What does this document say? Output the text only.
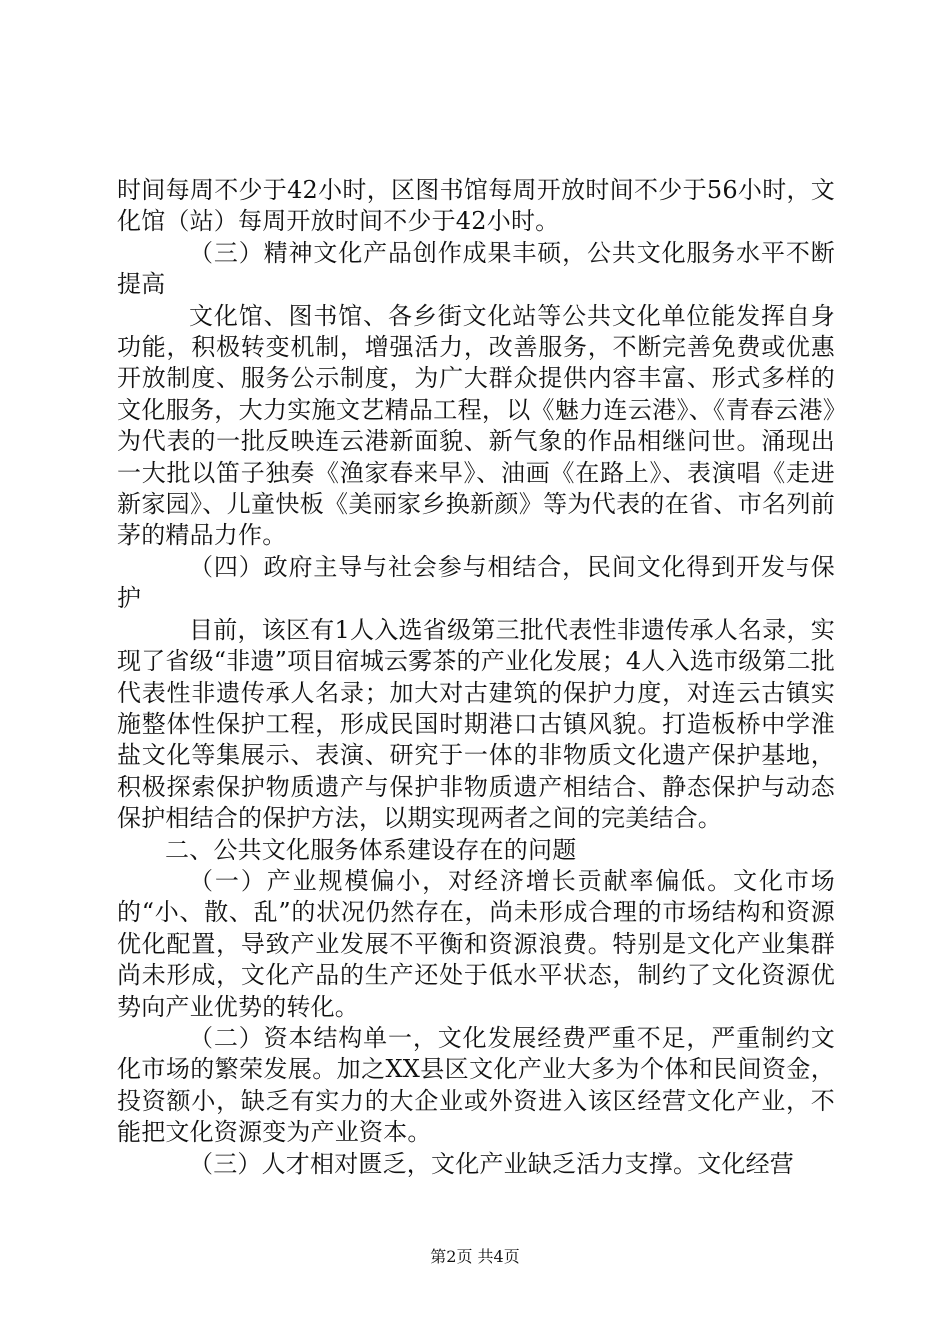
时间每周不少于42小时，区图书馆每周开放时间不少于56小时，文化馆（站）每周开放时间不少于42小时。

（三）精神文化产品创作成果丰硕，公共文化服务水平不断提高

文化馆、图书馆、各乡街文化站等公共文化单位能发挥自身功能，积极转变机制，增强活力，改善服务，不断完善免费或优惠开放制度、服务公示制度，为广大群众提供内容丰富、形式多样的文化服务，大力实施文艺精品工程，以《魅力连云港》、《青春云港》为代表的一批反映连云港新面貌、新气象的作品相继问世。涌现出一大批以笛子独奏《渔家春来早》、油画《在路上》、表演唱《走进新家园》、儿童快板《美丽家乡换新颜》等为代表的在省、市名列前茅的精品力作。

（四）政府主导与社会参与相结合，民间文化得到开发与保护

目前，该区有1人入选省级第三批代表性非遗传承人名录，实现了省级“非遗”项目宿城云雾茶的产业化发展；4人入选市级第二批代表性非遗传承人名录；加大对古建筑的保护力度，对连云古镇实施整体性保护工程，形成民国时期港口古镇风貌。打造板桥中学淮盐文化等集展示、表演、研究于一体的非物质文化遗产保护基地，积极探索保护物质遗产与保护非物质遗产相结合、静态保护与动态保护相结合的保护方法，以期实现两者之间的完美结合。

二、公共文化服务体系建设存在的问题

（一）产业规模偏小，对经济增长贡献率偏低。文化市场的“小、散、乱”的状况仍然存在，尚未形成合理的市场结构和资源优化配置，导致产业发展不平衡和资源浪费。特别是文化产业集群尚未形成，文化产品的生产还处于低水平状态，制约了文化资源优势向产业优势的转化。

（二）资本结构单一，文化发展经费严重不足，严重制约文化市场的繁荣发展。加之XX县区文化产业大多为个体和民间资金，投资额小，缺乏有实力的大企业或外资进入该区经营文化产业，不能把文化资源变为产业资本。

（三）人才相对匮乏，文化产业缺乏活力支撑。文化经营

第2页 共4页
